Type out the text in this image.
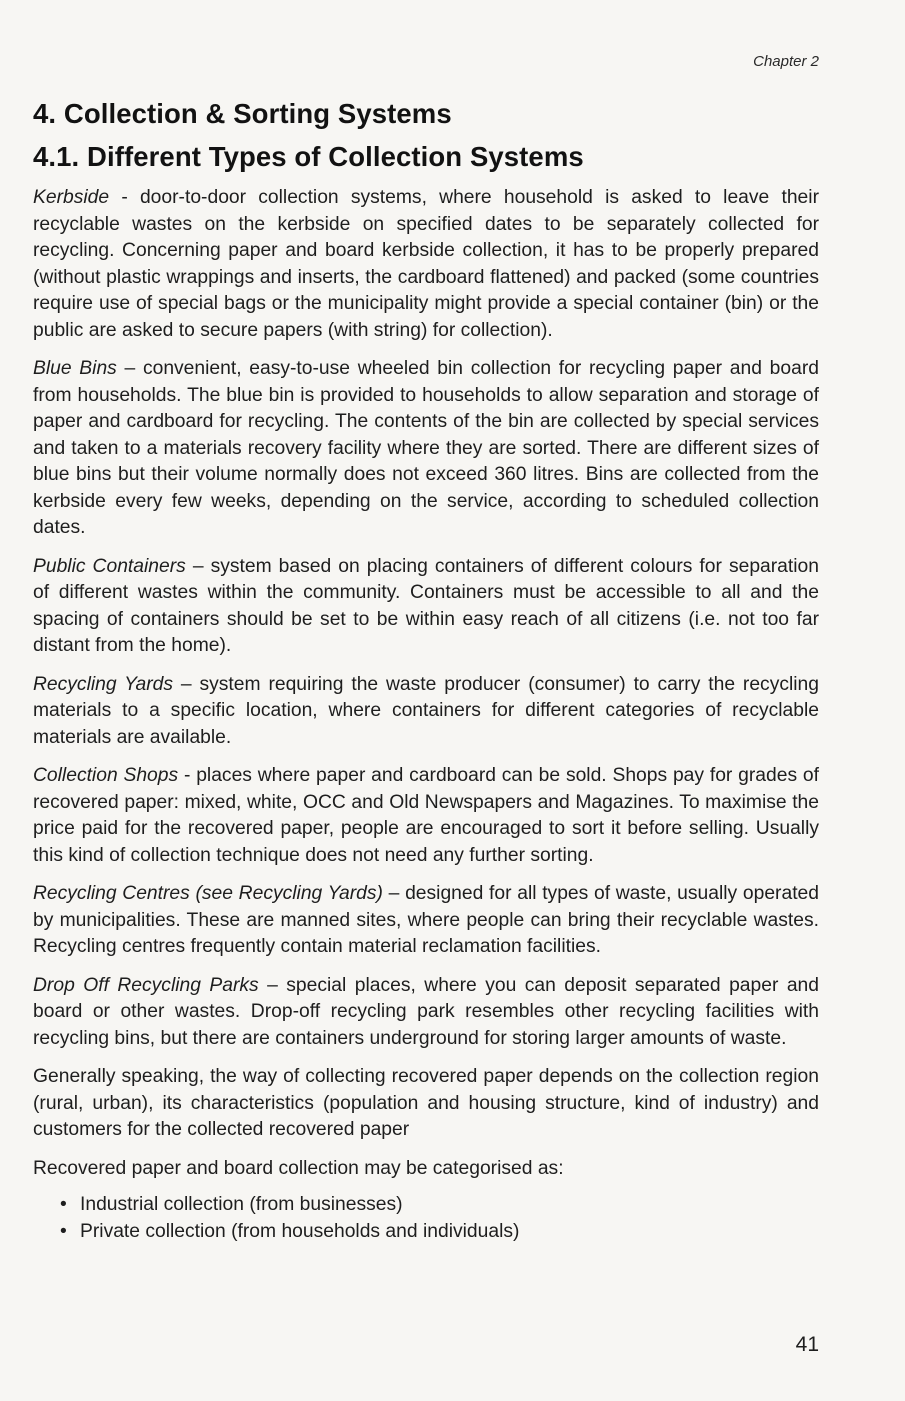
Chapter 2
4. Collection & Sorting Systems
4.1. Different Types of Collection Systems

Kerbside - door-to-door collection systems, where household is asked to leave their recyclable wastes on the kerbside on specified dates to be separately collected for recycling. Concerning paper and board kerbside collection, it has to be properly prepared (without plastic wrappings and inserts, the cardboard flattened) and packed (some countries require use of special bags or the municipality might provide a special container (bin) or the public are asked to secure papers (with string) for collection).

Blue Bins – convenient, easy-to-use wheeled bin collection for recycling paper and board from households. The blue bin is provided to households to allow separation and storage of paper and cardboard for recycling. The contents of the bin are collected by special services and taken to a materials recovery facility where they are sorted. There are different sizes of blue bins but their volume normally does not exceed 360 litres. Bins are collected from the kerbside every few weeks, depending on the service, according to scheduled collection dates.

Public Containers – system based on placing containers of different colours for separation of different wastes within the community. Containers must be accessible to all and the spacing of containers should be set to be within easy reach of all citizens (i.e. not too far distant from the home).

Recycling Yards – system requiring the waste producer (consumer) to carry the recycling materials to a specific location, where containers for different categories of recyclable materials are available.

Collection Shops - places where paper and cardboard can be sold. Shops pay for grades of recovered paper: mixed, white, OCC and Old Newspapers and Magazines. To maximise the price paid for the recovered paper, people are encouraged to sort it before selling. Usually this kind of collection technique does not need any further sorting.

Recycling Centres (see Recycling Yards) – designed for all types of waste, usually operated by municipalities. These are manned sites, where people can bring their recyclable wastes. Recycling centres frequently contain material reclamation facilities.

Drop Off Recycling Parks – special places, where you can deposit separated paper and board or other wastes. Drop-off recycling park resembles other recycling facilities with recycling bins, but there are containers underground for storing larger amounts of waste.

Generally speaking, the way of collecting recovered paper depends on the collection region (rural, urban), its characteristics (population and housing structure, kind of industry) and customers for the collected recovered paper

Recovered paper and board collection may be categorised as:

• Industrial collection (from businesses)
• Private collection (from households and individuals)
41
